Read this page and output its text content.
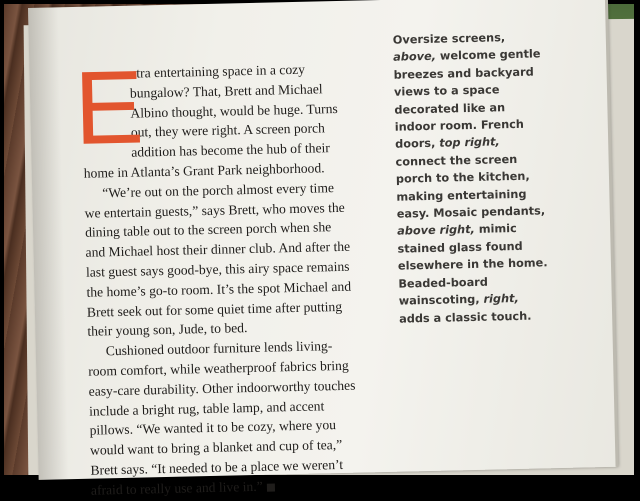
E
xtra entertaining space in a cozy
bungalow? That, Brett and Michael
Albino thought, would be huge. Turns
out, they were right. A screen porch
addition has become the hub of their
home in Atlanta’s Grant Park neighborhood.

“We’re out on the porch almost every time
we entertain guests,” says Brett, who moves the
dining table out to the screen porch when she
and Michael host their dinner club. And after the
last guest says good-bye, this airy space remains
the home’s go-to room. It’s the spot Michael and
Brett seek out for some quiet time after putting
their young son, Jude, to bed.

Cushioned outdoor furniture lends living-
room comfort, while weatherproof fabrics bring
easy-care durability. Other indoorworthy touches
include a bright rug, table lamp, and accent
pillows. “We wanted it to be cozy, where you
would want to bring a blanket and cup of tea,”
Brett says. “It needed to be a place we weren’t
afraid to really use and live in.”

Oversize screens,
above, welcome gentle
breezes and backyard
views to a space
decorated like an
indoor room. French
doors, top right,
connect the screen
porch to the kitchen,
making entertaining
easy. Mosaic pendants,
above right, mimic
stained glass found
elsewhere in the home.
Beaded-board
wainscoting, right,
adds a classic touch.
